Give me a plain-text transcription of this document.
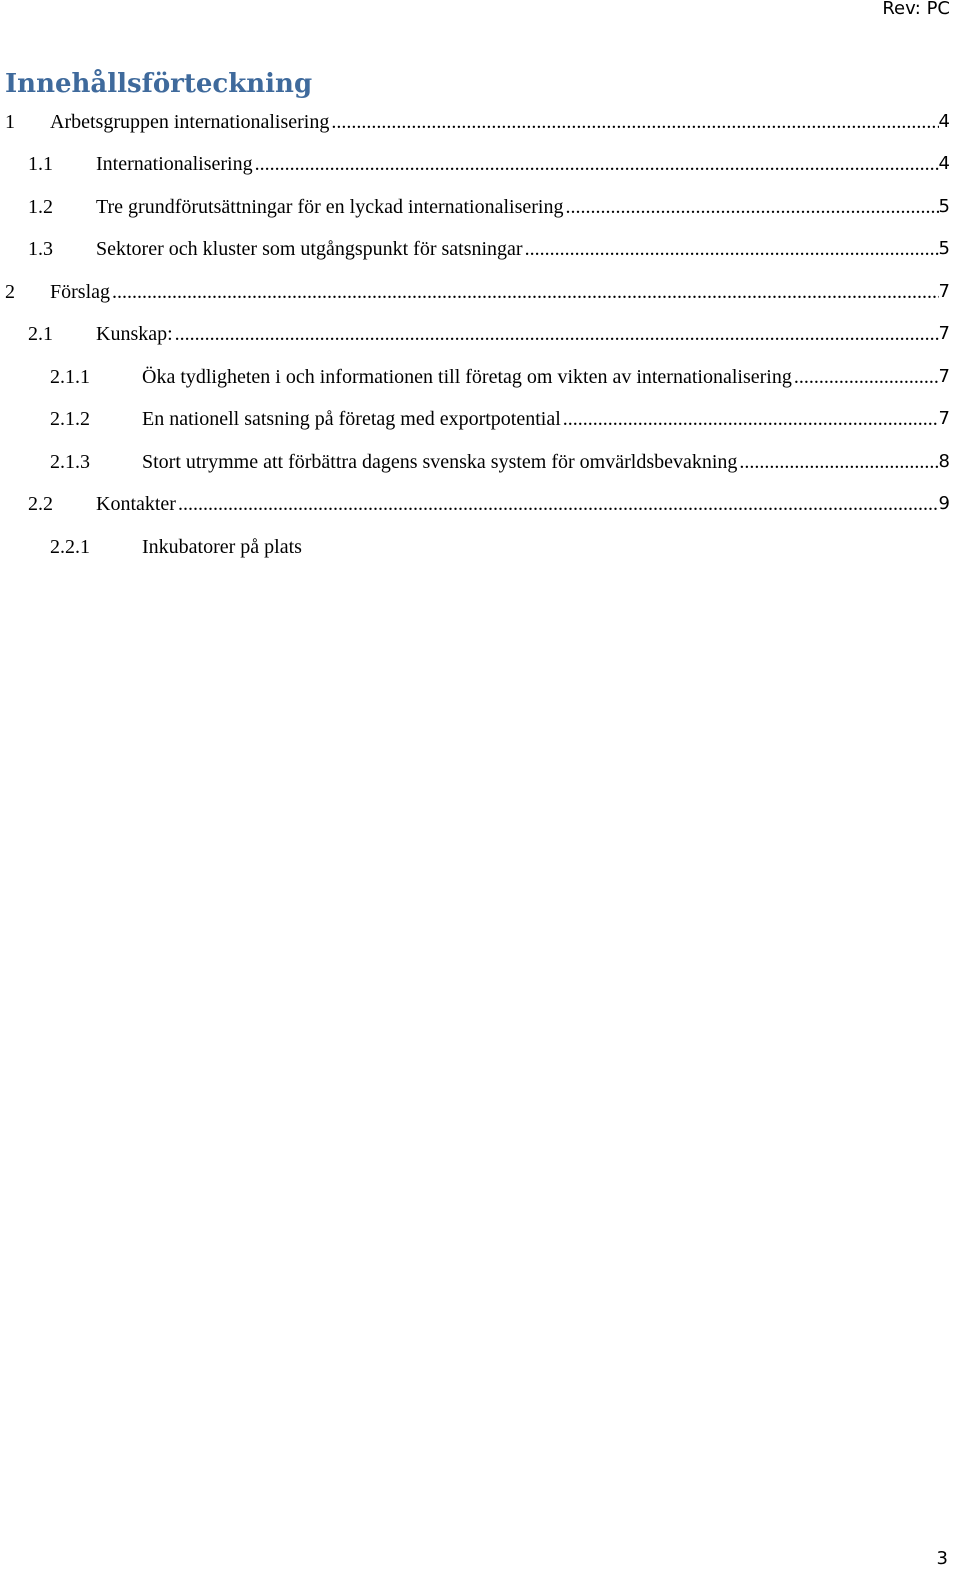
Rev: PC
Innehållsförteckning
1 Arbetsgruppen internationalisering .....	4
1.1 Internationalisering .....	4
1.2 Tre grundförutsättningar för en lyckad internationalisering .....	5
1.3 Sektorer och kluster som utgångspunkt för satsningar .....	5
2 Förslag .....	7
2.1 Kunskap: .....	7
2.1.1	Öka tydligheten i och informationen till företag om vikten av internationalisering .....	7
2.1.2	En nationell satsning på företag med exportpotential .....	7
2.1.3	Stort utrymme att förbättra dagens svenska system för omvärldsbevakning .....	8
2.2 Kontakter .....	9
2.2.1	Inkubatorer på plats
3
